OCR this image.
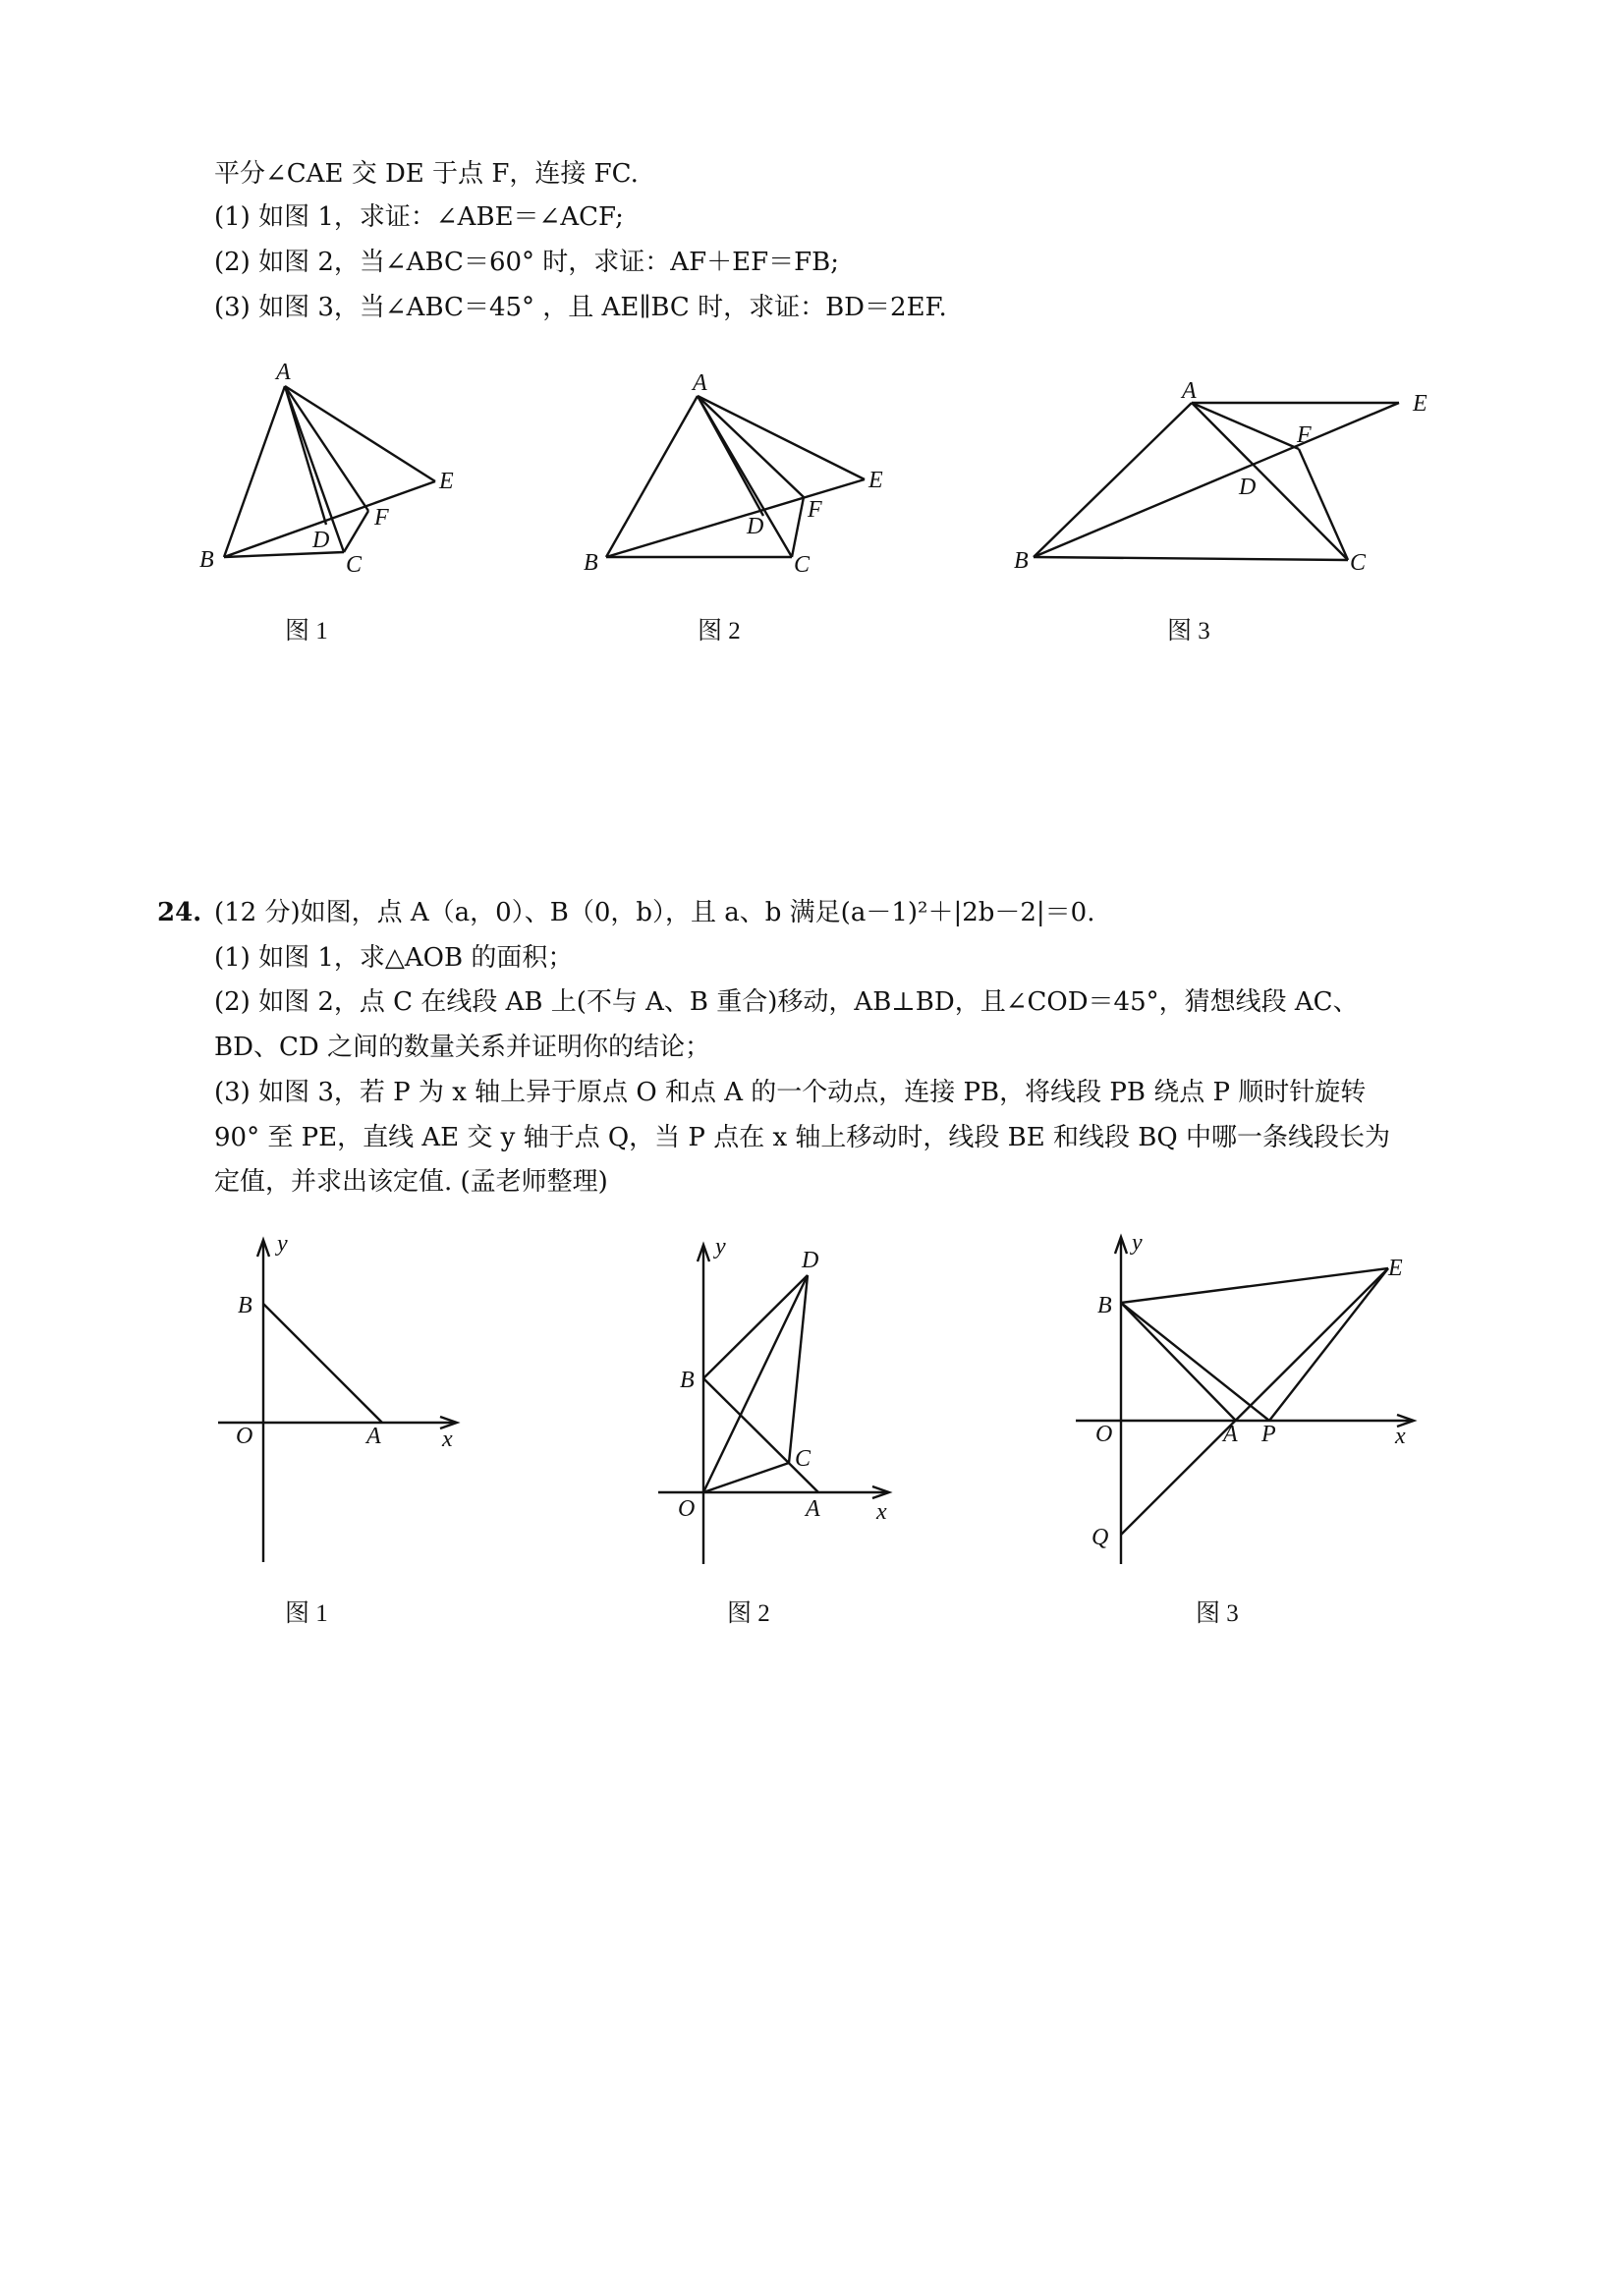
平分∠CAE 交 DE 于点 F，连接 FC.
(1) 如图 1，求证：∠ABE＝∠ACF;
(2) 如图 2，当∠ABC＝60° 时，求证：AF＋EF＝FB;
(3) 如图 3，当∠ABC＝45° ，且 AE∥BC 时，求证：BD＝2EF.
24. (12 分)如图，点 A（a，0）、B（0，b），且 a、b 满足(a－1)²＋|2b－2|＝0.
(1) 如图 1，求△AOB 的面积；
(2) 如图 2，点 C 在线段 AB 上(不与 A、B 重合)移动，AB⊥BD，且∠COD＝45°，猜想线段 AC、
BD、CD 之间的数量关系并证明你的结论；
(3) 如图 3，若 P 为 x 轴上异于原点 O 和点 A 的一个动点，连接 PB，将线段 PB 绕点 P 顺时针旋转
90° 至 PE，直线 AE 交 y 轴于点 Q，当 P 点在 x 轴上移动时，线段 BE 和线段 BQ 中哪一条线段长为
定值，并求出该定值. (孟老师整理)
A
B	C
D
E
F
图 1
A
B	C
D
E
F
图 2
A
B	C
D
E
F
图 3
y
B
O	A	x
图 1
y
D
B
C
O	A x
图 2
y
E
B
O	A P	x
Q
图 3
